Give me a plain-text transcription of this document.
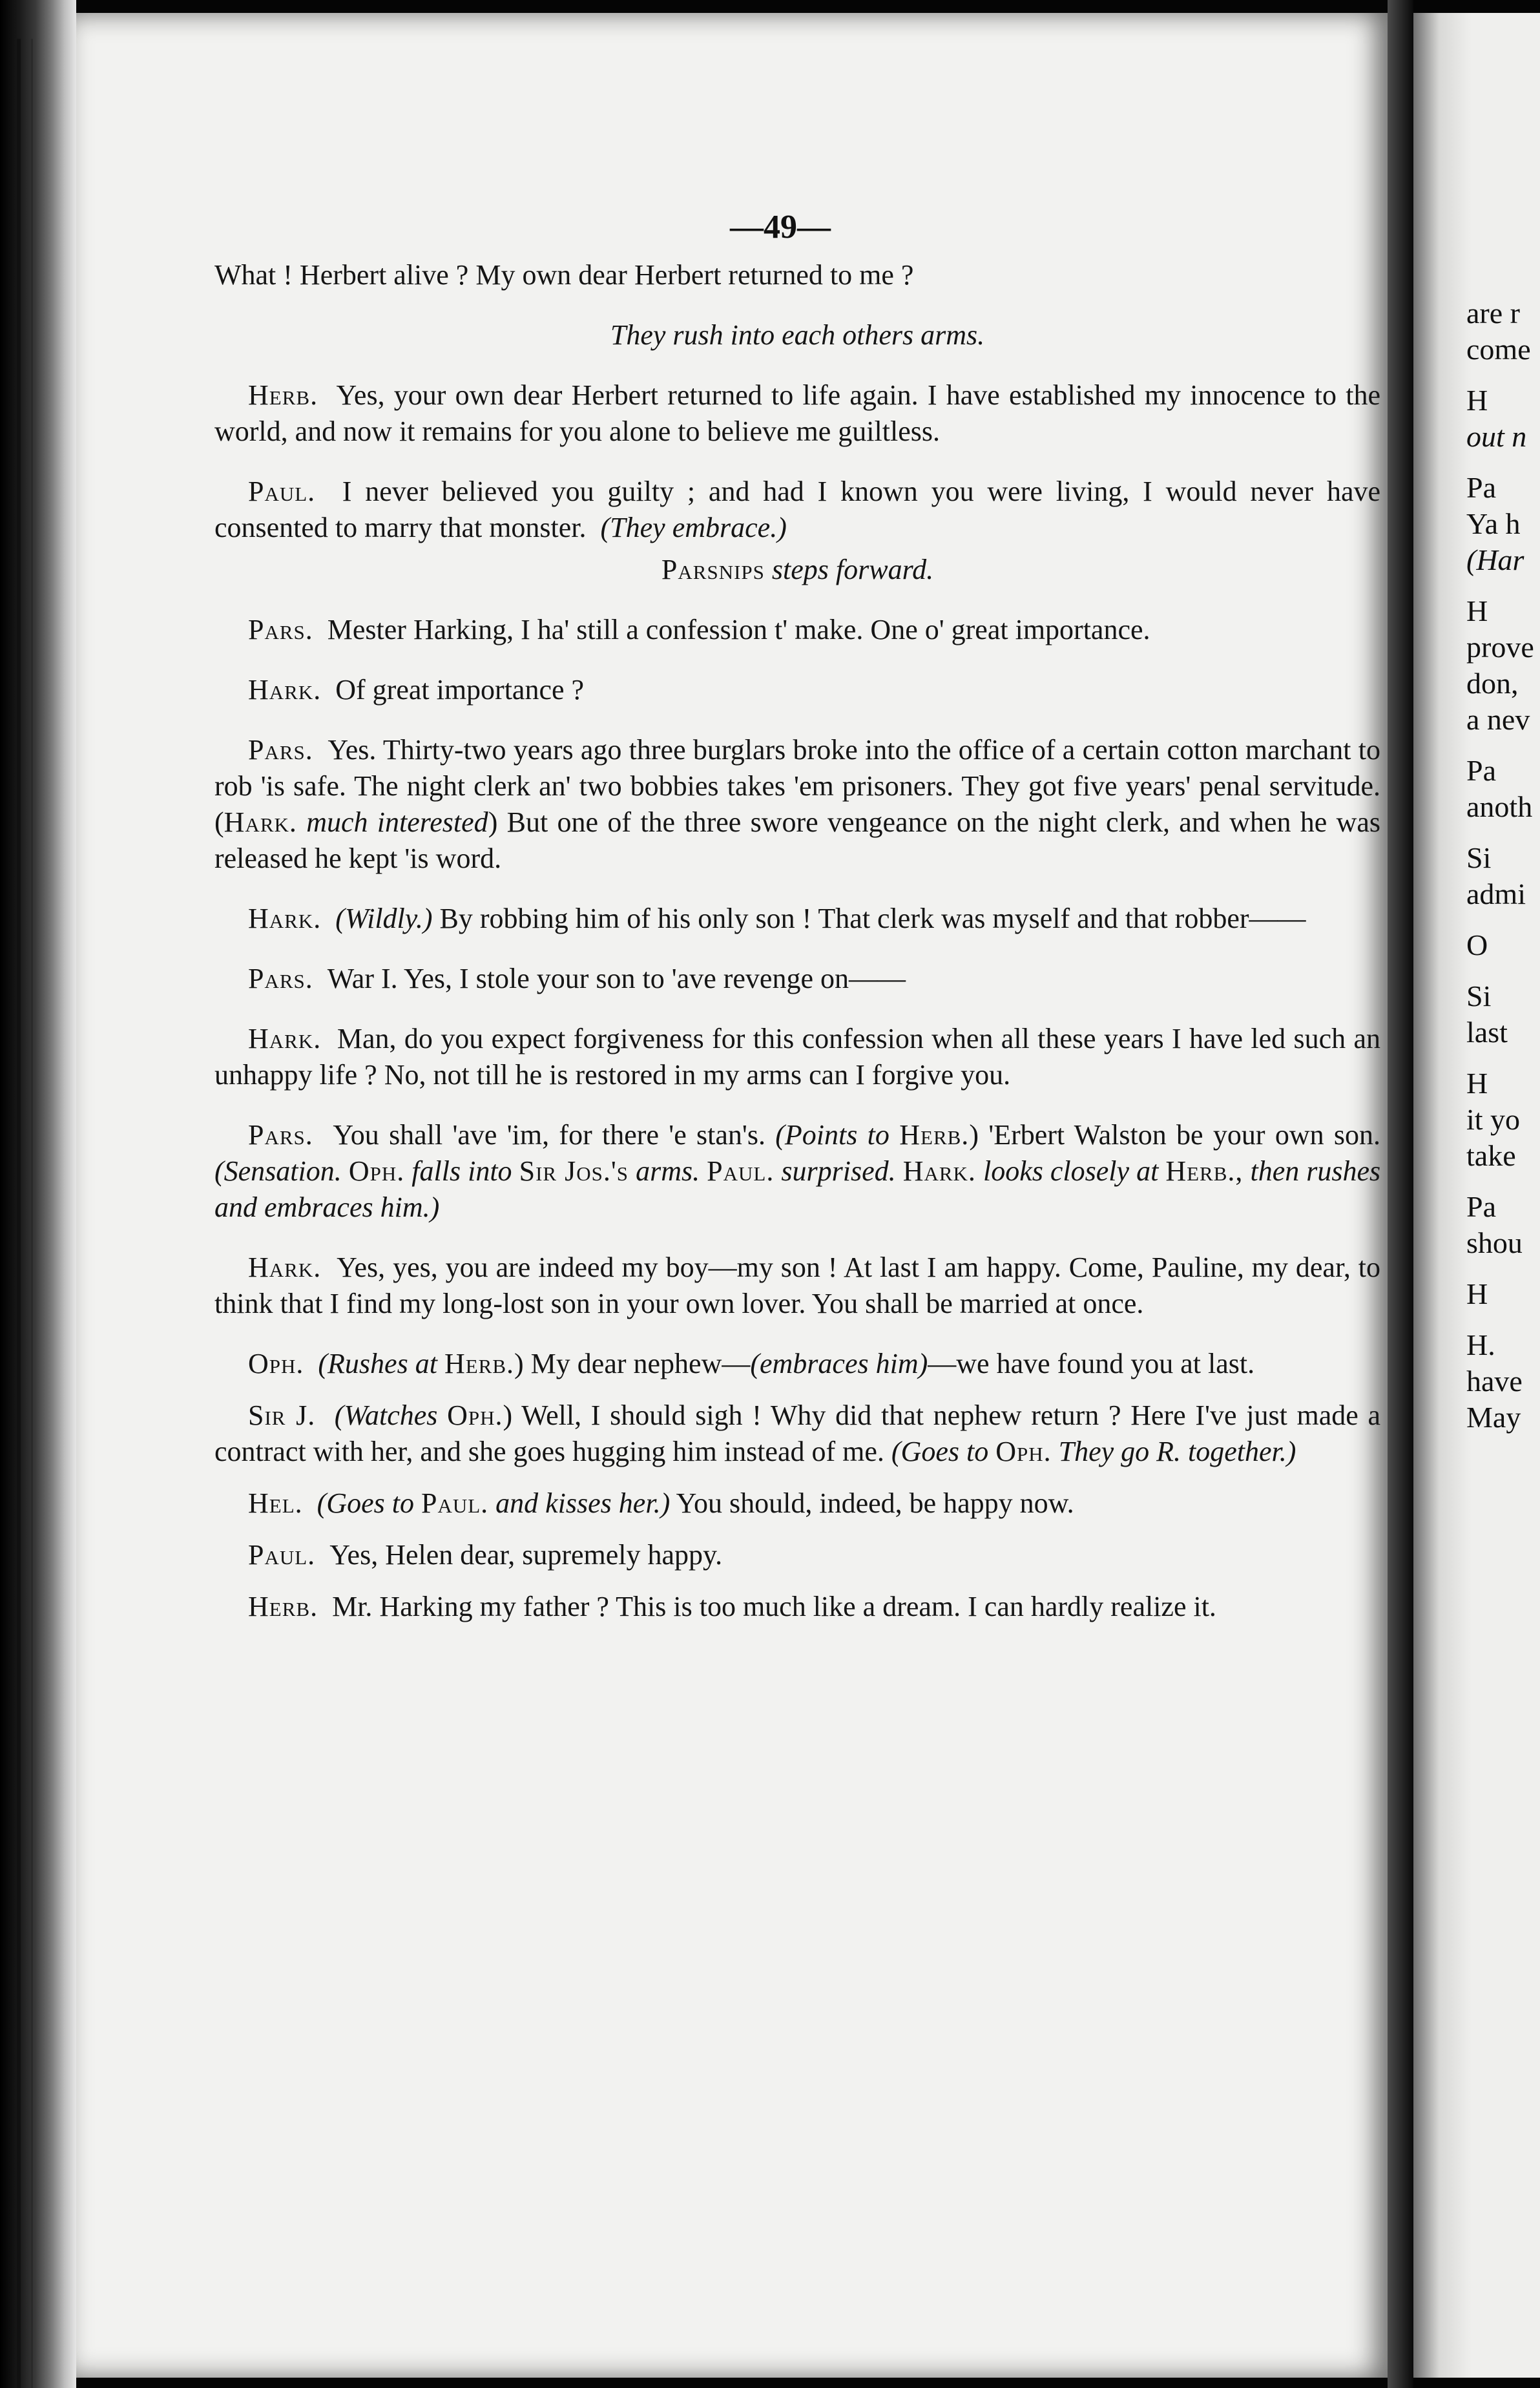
—49—

What ! Herbert alive ? My own dear Herbert returned to me ?

They rush into each others arms.

Herb. Yes, your own dear Herbert returned to life again. I have established my innocence to the world, and now it remains for you alone to believe me guiltless.

Paul. I never believed you guilty ; and had I known you were living, I would never have consented to marry that monster. (They embrace.)

Parsnips steps forward.

Pars. Mester Harking, I ha' still a confession t' make. One o' great importance.

Hark. Of great importance ?

Pars. Yes. Thirty-two years ago three burglars broke into the office of a certain cotton marchant to rob 'is safe. The night clerk an' two bobbies takes 'em prisoners. They got five years' penal servitude. (Hark. much interested) But one of the three swore vengeance on the night clerk, and when he was released he kept 'is word.

Hark. (Wildly.) By robbing him of his only son ! That clerk was myself and that robber——

Pars. War I. Yes, I stole your son to 'ave revenge on——

Hark. Man, do you expect forgiveness for this confession when all these years I have led such an unhappy life ? No, not till he is restored in my arms can I forgive you.

Pars. You shall 'ave 'im, for there 'e stan's. (Points to Herb.) 'Erbert Walston be your own son. (Sensation. Oph. falls into Sir Jos.'s arms. Paul. surprised. Hark. looks closely at Herb., then rushes and embraces him.)

Hark. Yes, yes, you are indeed my boy—my son ! At last I am happy. Come, Pauline, my dear, to think that I find my long-lost son in your own lover. You shall be married at once.

Oph. (Rushes at Herb.) My dear nephew—(embraces him)—we have found you at last.

Sir J. (Watches Oph.) Well, I should sigh ! Why did that nephew return ? Here I've just made a contract with her, and she goes hugging him instead of me. (Goes to Oph. They go R. together.)

Hel. (Goes to Paul. and kisses her.) You should, indeed, be happy now.

Paul. Yes, Helen dear, supremely happy.

Herb. Mr. Harking my father ? This is too much like a dream. I can hardly realize it.

are r
come
H
out n
Pa
Ya h
(Har
H
prove
don,
a nev
Pa
anoth
Si
admi
O
Si
last
H
it yo
take
Pa
shou
H
H.
have
May
